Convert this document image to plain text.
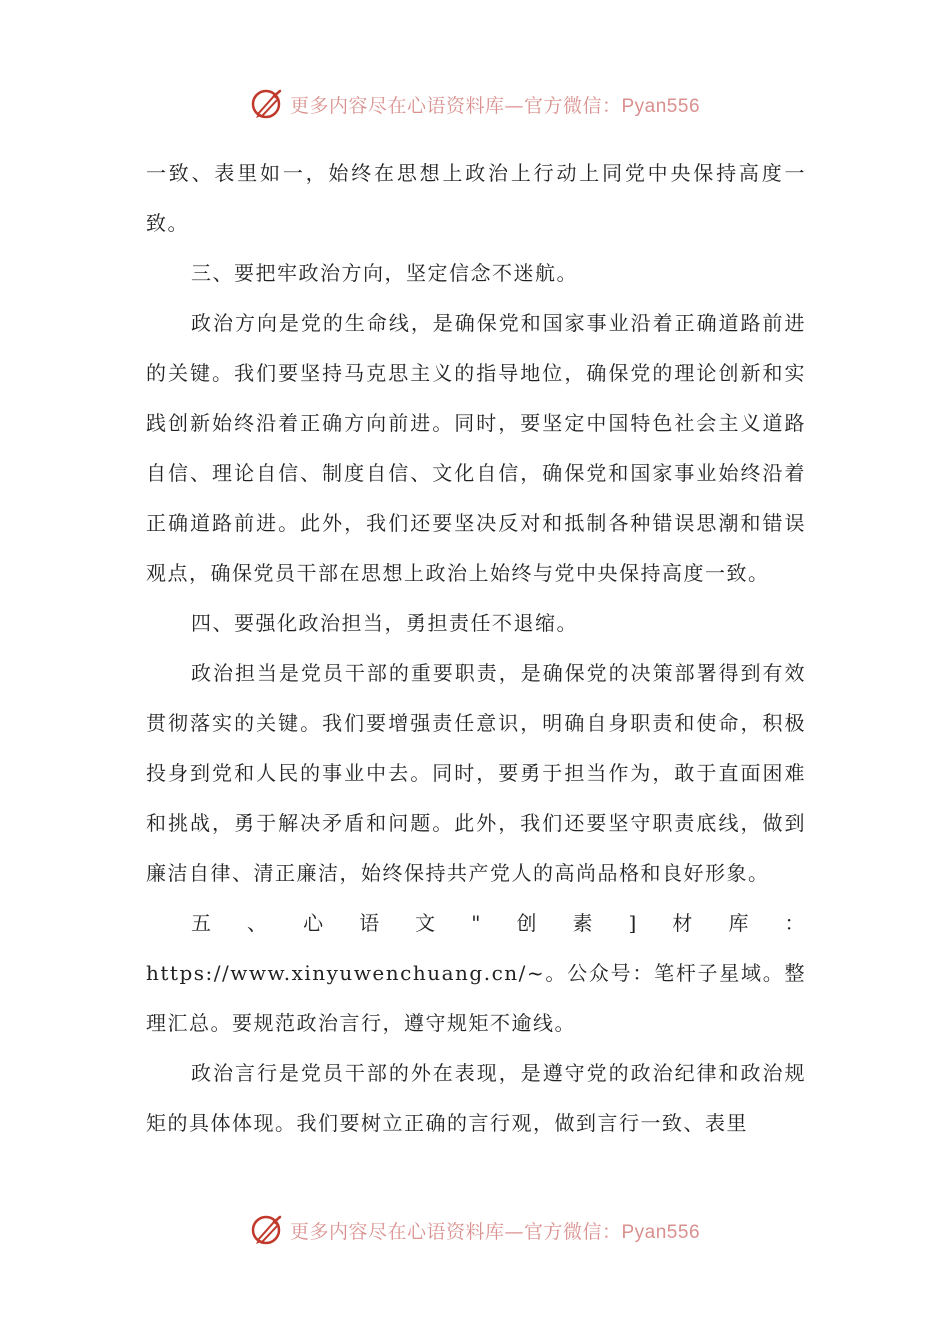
更多内容尽在心语资料库—官方微信：Pyan556

一致、表里如一，始终在思想上政治上行动上同党中央保持高度一致。

三、要把牢政治方向，坚定信念不迷航。

政治方向是党的生命线，是确保党和国家事业沿着正确道路前进的关键。我们要坚持马克思主义的指导地位，确保党的理论创新和实践创新始终沿着正确方向前进。同时，要坚定中国特色社会主义道路自信、理论自信、制度自信、文化自信，确保党和国家事业始终沿着正确道路前进。此外，我们还要坚决反对和抵制各种错误思潮和错误观点，确保党员干部在思想上政治上始终与党中央保持高度一致。

四、要强化政治担当，勇担责任不退缩。

政治担当是党员干部的重要职责，是确保党的决策部署得到有效贯彻落实的关键。我们要增强责任意识，明确自身职责和使命，积极投身到党和人民的事业中去。同时，要勇于担当作为，敢于直面困难和挑战，勇于解决矛盾和问题。此外，我们还要坚守职责底线，做到廉洁自律、清正廉洁，始终保持共产党人的高尚品格和良好形象。

五、心语文"创素]材库：https://www.xinyuwenchuang.cn/~。公众号：笔杆子星域。整理汇总。要规范政治言行，遵守规矩不逾线。

政治言行是党员干部的外在表现，是遵守党的政治纪律和政治规矩的具体体现。我们要树立正确的言行观，做到言行一致、表里

更多内容尽在心语资料库—官方微信：Pyan556
